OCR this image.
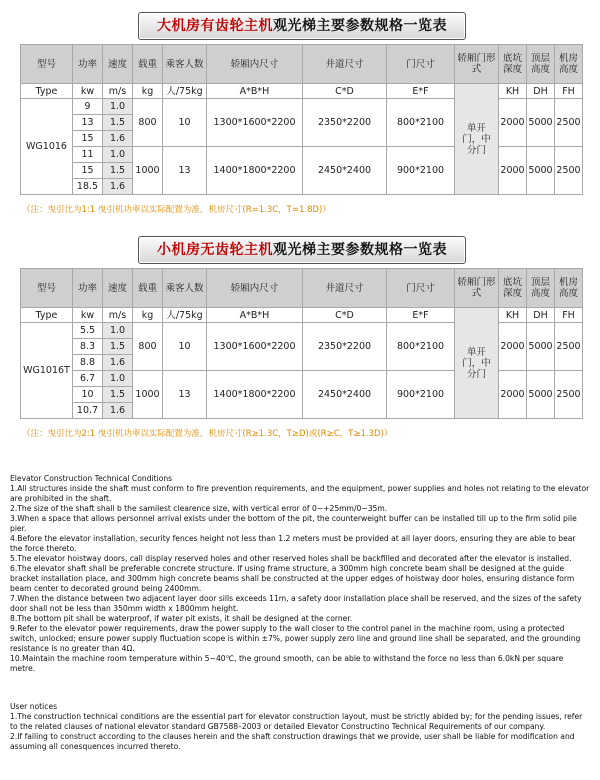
大机房有齿轮主机观光梯主要参数规格一览表
型号	功率	速度	载重	乘客人数	轿厢内尺寸	井道尺寸	门尺寸	轿厢门形式	底坑深度	顶层高度	机房高度
Type	kw	m/s	kg	人/75kg	A*B*H	C*D	E*F	单开门，中分门	KH	DH	FH
WG1016	9	1.0	800	10	1300*1600*2200	2350*2200	800*2100		2000	5000	2500
	13	1.5									
	15	1.6									
	11	1.0	1000	13	1400*1800*2200	2450*2400	900*2100		2000	5000	2500
	15	1.5									
	18.5	1.6									
（注：曳引比为1:1 曳引机功率以实际配置为准，机房尺寸(R=1.3C，T=1.8D)）
小机房无齿轮主机观光梯主要参数规格一览表
型号	功率	速度	载重	乘客人数	轿厢内尺寸	井道尺寸	门尺寸	轿厢门形式	底坑深度	顶层高度	机房高度
Type	kw	m/s	kg	人/75kg	A*B*H	C*D	E*F	单开门，中分门	KH	DH	FH
WG1016T	5.5	1.0	800	10	1300*1600*2200	2350*2200	800*2100		2000	5000	2500
	8.3	1.5									
	8.8	1.6									
	6.7	1.0	1000	13	1400*1800*2200	2450*2400	900*2100		2000	5000	2500
	10	1.5									
	10.7	1.6									
（注：曳引比为2:1 曳引机功率以实际配置为准，机房尺寸(R≥1.3C，T≥D)或(R≥C，T≥1.3D)）

Elevator Construction Technical Conditions

1.All structures inside the shaft must conform to fire prevention requirements, and the equipment, power supplies and holes not relating to the elevator are prohibited in the shaft.

2.The size of the shaft shall b the samilest clearence size, with vertical error of 0~+25mm/0~35m.

3.When a space that allows personnel arrival exists under the bottom of the pit, the counterweight buffer can be installed till up to the firm solid pile pier.

4.Before the elevator installation, security fences height not less than 1.2 meters must be provided at all layer doors, ensuring they are able to bear the force thereto.

5.The elevator hoistway doors, call display reserved holes and other reserved holes shall be backfilled and decorated after the elevator is installed.

6.The elevator shaft shall be preferable concrete structure. If using frame structure, a 300mm high concrete beam shall be designed at the guide bracket installation place, and 300mm high concrete beams shall be constructed at the upper edges of hoistway door holes, ensuring distance form beam center to decorated ground being 2400mm.

7.When the distance between two adjacent layer door sills exceeds 11m, a safety door installation place shall be reserved, and the sizes of the safety door shall not be less than 350mm width x 1800mm height.

8.The bottom pit shall be waterproof, if water pit exists, it shall be designed at the corner.

9.Refer to the elevator power requirements, draw the power supply to the wall closer to the control panel in the machine room, using a protected switch, unlocked; ensure power supply fluctuation scope is within ±7%, power supply zero line and ground line shall be separated, and the grounding resistance is no greater than 4Ω.

10.Maintain the machine room temperature within 5~40℃, the ground smooth, can be able to withstand the force no less than 6.0kN per square metre.

User notices

1.The construction technical conditions are the essential part for elevator construction layout, must be strictly abided by; for the pending issues, refer to the related clauses of national elevator standard GB7588–2003 or detailed Elevator Constructino Technical Requirements of our company.

2.If failing to construct according to the clauses herein and the shaft construction drawings that we provide, user shall be liable for modification and assuming all conesquences incurred thereto.
